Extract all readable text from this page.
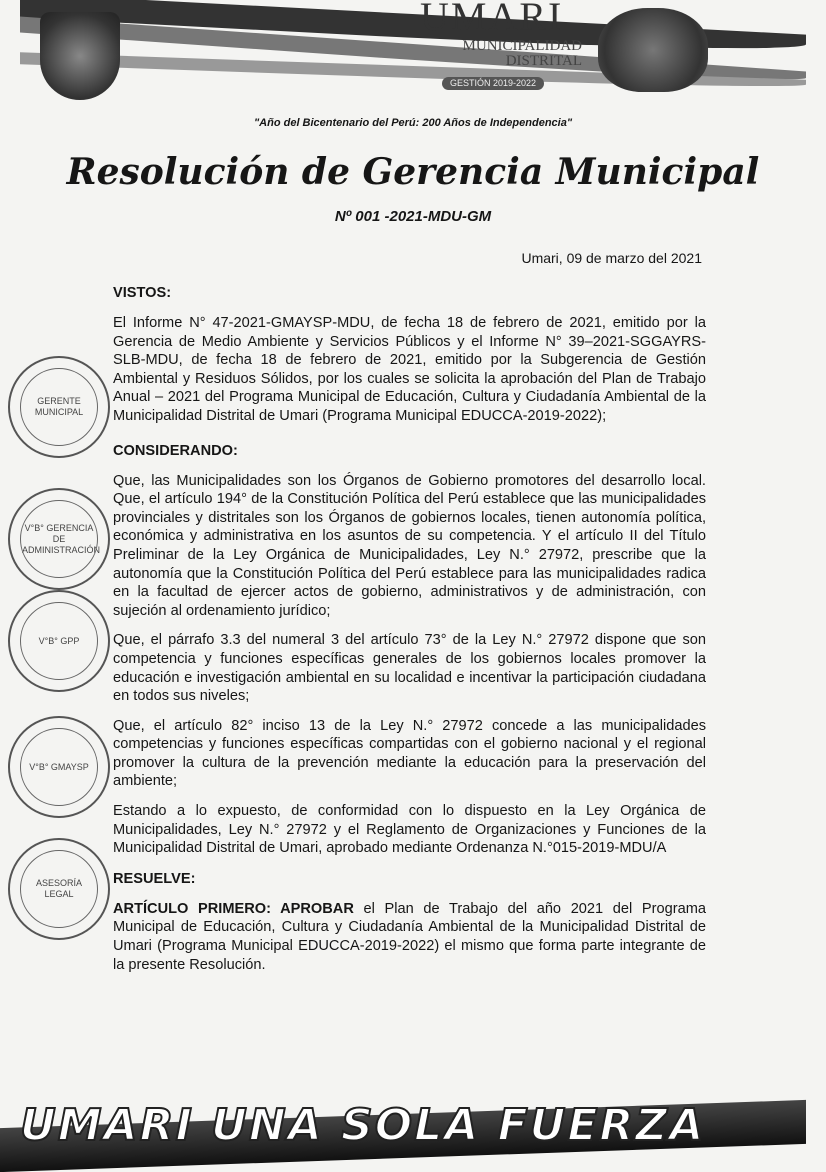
UMARI
MUNICIPALIDAD DISTRITAL
GESTIÓN 2019-2022
"Año del Bicentenario del Perú: 200 Años de Independencia"
Resolución de Gerencia Municipal
Nº 001 -2021-MDU-GM
Umari, 09 de marzo del 2021
VISTOS:

El Informe N° 47-2021-GMAYSP-MDU, de fecha 18 de febrero de 2021, emitido por la Gerencia de Medio Ambiente y Servicios Públicos y el Informe N° 39–2021-SGGAYRS-SLB-MDU, de fecha 18 de febrero de 2021, emitido por la Subgerencia de Gestión Ambiental y Residuos Sólidos, por los cuales se solicita la aprobación del Plan de Trabajo Anual – 2021 del Programa Municipal de Educación, Cultura y Ciudadanía Ambiental de la Municipalidad Distrital de Umari (Programa Municipal EDUCCA-2019-2022);

CONSIDERANDO:

Que, las Municipalidades son los Órganos de Gobierno promotores del desarrollo local. Que, el artículo 194° de la Constitución Política del Perú establece que las municipalidades provinciales y distritales son los Órganos de gobiernos locales, tienen autonomía política, económica y administrativa en los asuntos de su competencia. Y el artículo II del Título Preliminar de la Ley Orgánica de Municipalidades, Ley N.° 27972, prescribe que la autonomía que la Constitución Política del Perú establece para las municipalidades radica en la facultad de ejercer actos de gobierno, administrativos y de administración, con sujeción al ordenamiento jurídico;

Que, el párrafo 3.3 del numeral 3 del artículo 73° de la Ley N.° 27972 dispone que son competencia y funciones específicas generales de los gobiernos locales promover la educación e investigación ambiental en su localidad e incentivar la participación ciudadana en todos sus niveles;

Que, el artículo 82° inciso 13 de la Ley N.° 27972 concede a las municipalidades competencias y funciones específicas compartidas con el gobierno nacional y el regional promover la cultura de la prevención mediante la educación para la preservación del ambiente;

Estando a lo expuesto, de conformidad con lo dispuesto en la Ley Orgánica de Municipalidades, Ley N.° 27972 y el Reglamento de Organizaciones y Funciones de la Municipalidad Distrital de Umari, aprobado mediante Ordenanza N.°015-2019-MDU/A

RESUELVE:

ARTÍCULO PRIMERO: APROBAR el Plan de Trabajo del año 2021 del Programa Municipal de Educación, Cultura y Ciudadanía Ambiental de la Municipalidad Distrital de Umari (Programa Municipal EDUCCA-2019-2022) el mismo que forma parte integrante de la presente Resolución.

GERENTE MUNICIPAL
V°B° GERENCIA DE ADMINISTRACIÓN
V°B° GPP
V°B° GMAYSP
ASESORÍA LEGAL
UMARI UNA SOLA FUERZA
